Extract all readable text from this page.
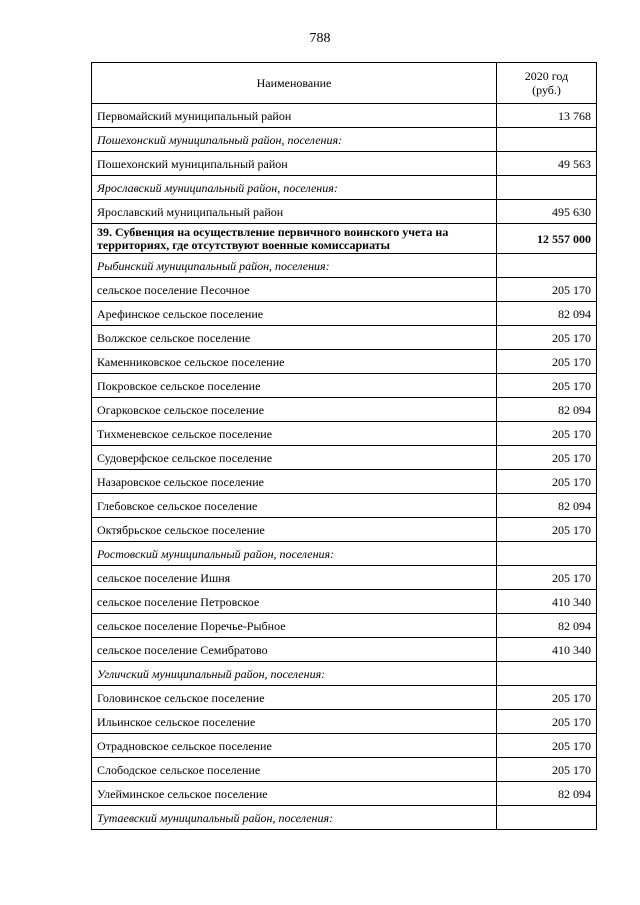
788
Наименование	2020 год
(руб.)
Первомайский муниципальный район	13 768
Пошехонский муниципальный район, поселения:	
Пошехонский муниципальный район	49 563
Ярославский муниципальный район, поселения:	
Ярославский муниципальный район	495 630
39. Субвенция на осуществление первичного воинского учета на территориях, где отсутствуют военные комиссариаты	12 557 000
Рыбинский муниципальный район, поселения:	
сельское поселение Песочное	205 170
Арефинское сельское поселение	82 094
Волжское сельское поселение	205 170
Каменниковское сельское поселение	205 170
Покровское сельское поселение	205 170
Огарковское сельское поселение	82 094
Тихменевское сельское поселение	205 170
Судоверфское сельское поселение	205 170
Назаровское сельское поселение	205 170
Глебовское сельское поселение	82 094
Октябрьское сельское поселение	205 170
Ростовский муниципальный район, поселения:	
сельское поселение Ишня	205 170
сельское поселение Петровское	410 340
сельское поселение Поречье-Рыбное	82 094
сельское поселение Семибратово	410 340
Угличский муниципальный район, поселения:	
Головинское сельское поселение	205 170
Ильинское сельское поселение	205 170
Отрадновское сельское поселение	205 170
Слободское сельское поселение	205 170
Улейминское сельское поселение	82 094
Тутаевский муниципальный район, поселения:	
